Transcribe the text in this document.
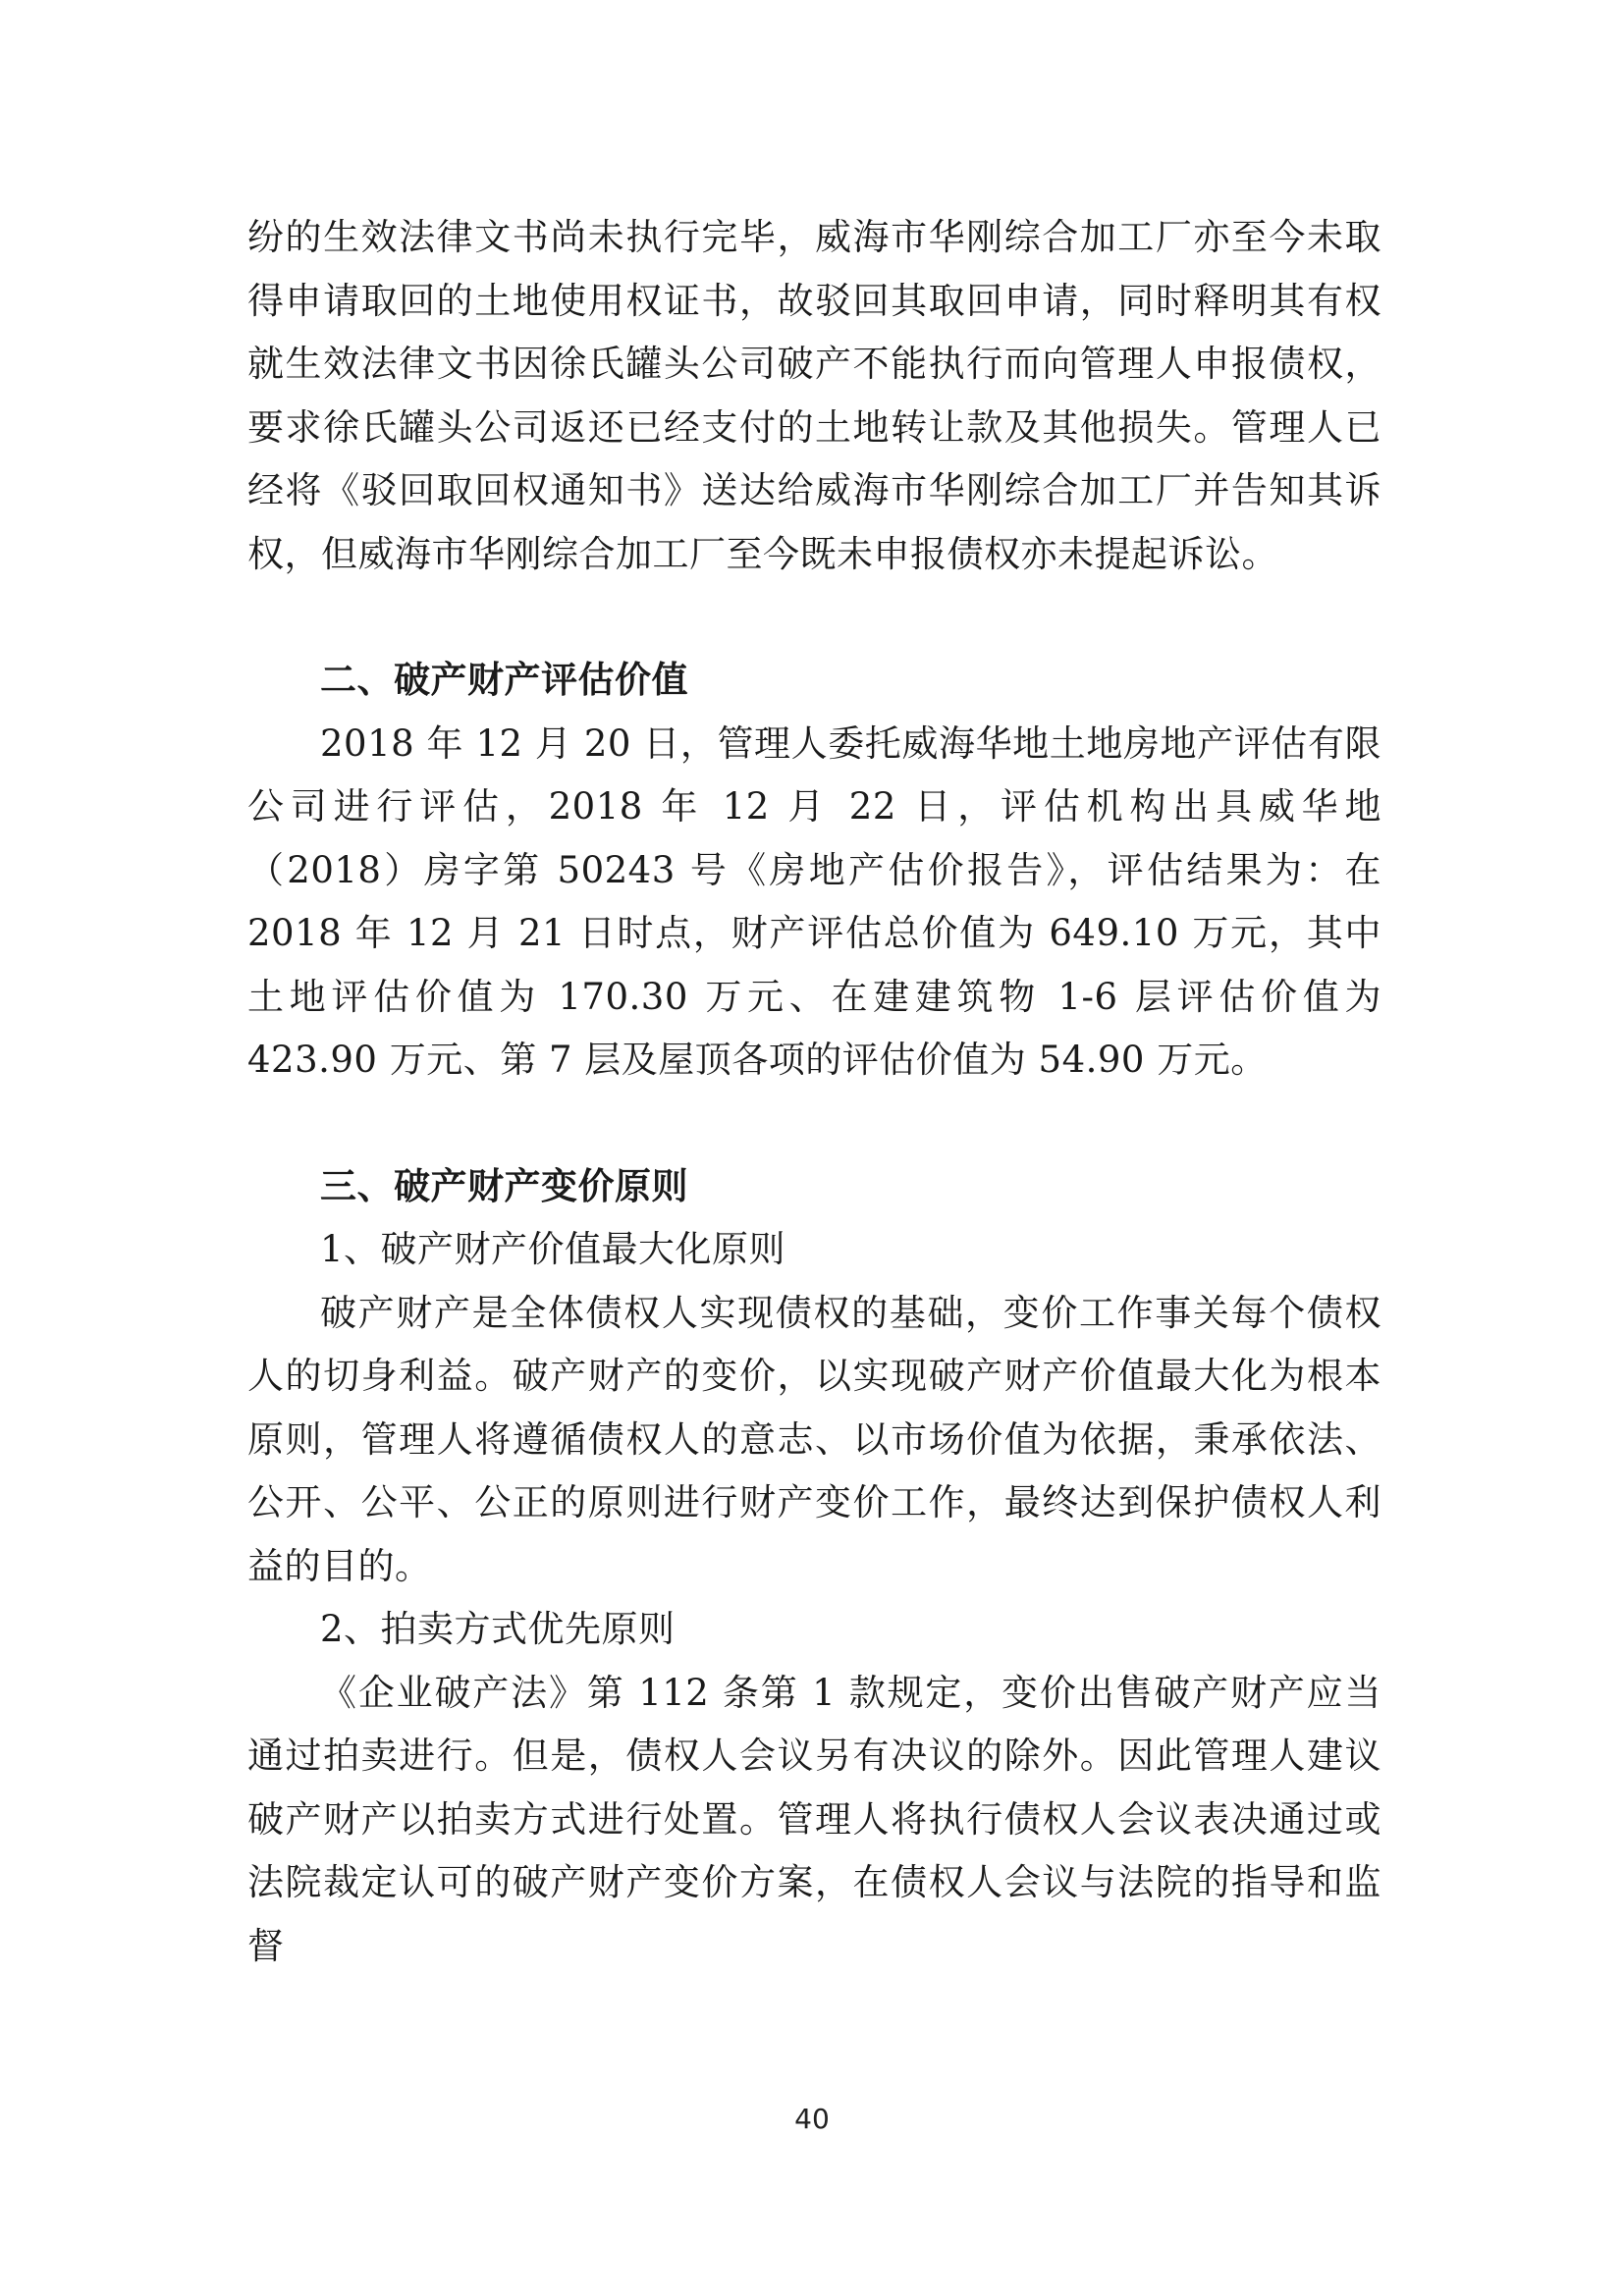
纷的生效法律文书尚未执行完毕，威海市华刚综合加工厂亦至今未取得申请取回的土地使用权证书，故驳回其取回申请，同时释明其有权就生效法律文书因徐氏罐头公司破产不能执行而向管理人申报债权，要求徐氏罐头公司返还已经支付的土地转让款及其他损失。管理人已经将《驳回取回权通知书》送达给威海市华刚综合加工厂并告知其诉权，但威海市华刚综合加工厂至今既未申报债权亦未提起诉讼。

二、破产财产评估价值

2018 年 12 月 20 日，管理人委托威海华地土地房地产评估有限公司进行评估，2018 年 12 月 22 日，评估机构出具威华地（2018）房字第 50243 号《房地产估价报告》，评估结果为：在 2018 年 12 月 21 日时点，财产评估总价值为 649.10 万元，其中土地评估价值为 170.30 万元、在建建筑物 1-6 层评估价值为 423.90 万元、第 7 层及屋顶各项的评估价值为 54.90 万元。

三、破产财产变价原则

1、破产财产价值最大化原则

破产财产是全体债权人实现债权的基础，变价工作事关每个债权人的切身利益。破产财产的变价，以实现破产财产价值最大化为根本原则，管理人将遵循债权人的意志、以市场价值为依据，秉承依法、公开、公平、公正的原则进行财产变价工作，最终达到保护债权人利益的目的。

2、拍卖方式优先原则

《企业破产法》第 112 条第 1 款规定，变价出售破产财产应当通过拍卖进行。但是，债权人会议另有决议的除外。因此管理人建议破产财产以拍卖方式进行处置。管理人将执行债权人会议表决通过或法院裁定认可的破产财产变价方案，在债权人会议与法院的指导和监督

40
